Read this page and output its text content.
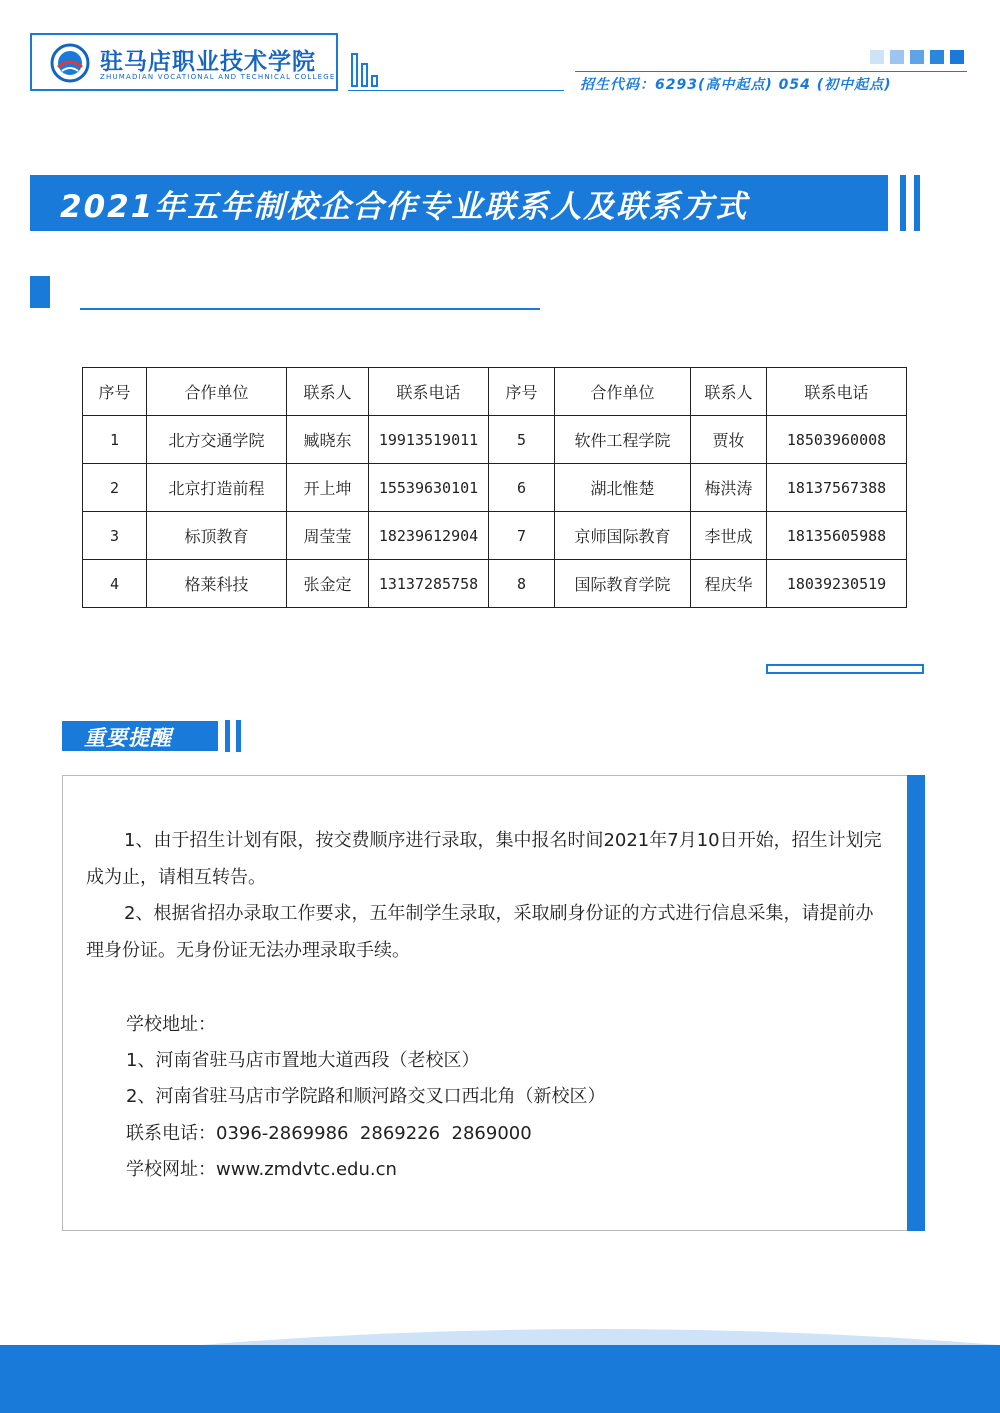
驻马店职业技术学院
ZHUMADIAN VOCATIONAL AND TECHNICAL COLLEGE	招生代码：6293(高中起点) 054 (初中起点)
2021年五年制校企合作专业联系人及联系方式
序号	合作单位	联系人	联系电话	序号	合作单位	联系人	联系电话
1	北方交通学院	臧晓东	19913519011	5	软件工程学院	贾妆	18503960008
2	北京打造前程	开上坤	15539630101	6	湖北惟楚	梅洪涛	18137567388
3	标顶教育	周莹莹	18239612904	7	京师国际教育	李世成	18135605988
4	格莱科技	张金定	13137285758	8	国际教育学院	程庆华	18039230519
重要提醒
1、由于招生计划有限，按交费顺序进行录取，集中报名时间2021年7月10日开始，招生计划完成为止，请相互转告。
2、根据省招办录取工作要求，五年制学生录取，采取刷身份证的方式进行信息采集，请提前办理身份证。无身份证无法办理录取手续。
学校地址：
1、河南省驻马店市置地大道西段（老校区）
2、河南省驻马店市学院路和顺河路交叉口西北角（新校区）
联系电话：0396-2869986  2869226  2869000
学校网址：www.zmdvtc.edu.cn
